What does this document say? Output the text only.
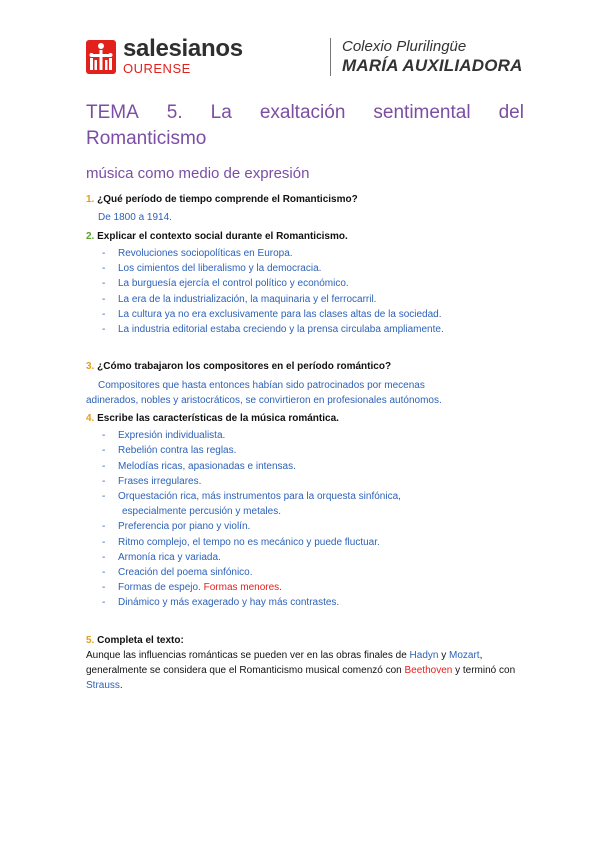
salesianos
OURENSE
Colexio Plurilingüe
MARÍA AUXILIADORA
TEMA 5. La exaltación sentimental del
Romanticismo
música como medio de expresión

1. ¿Qué período de tiempo comprende el Romanticismo?

De 1800 a 1914.

2. Explicar el contexto social durante el Romanticismo.

- Revoluciones sociopolíticas en Europa.
- Los cimientos del liberalismo y la democracia.
- La burguesía ejercía el control político y económico.
- La era de la industrialización, la maquinaria y el ferrocarril.
- La cultura ya no era exclusivamente para las clases altas de la sociedad.
- La industria editorial estaba creciendo y la prensa circulaba ampliamente.

3. ¿Cómo trabajaron los compositores en el período romántico?

Compositores que hasta entonces habían sido patrocinados por mecenas

adinerados, nobles y aristocráticos, se convirtieron en profesionales autónomos.

4. Escribe las características de la música romántica.

- Expresión individualista.
- Rebelión contra las reglas.
- Melodías ricas, apasionadas e intensas.
- Frases irregulares.
- Orquestación rica, más instrumentos para la orquesta sinfónica,
especialmente percusión y metales.
- Preferencia por piano y violín.
- Ritmo complejo, el tempo no es mecánico y puede fluctuar.
- Armonía rica y variada.
- Creación del poema sinfónico.
- Formas de espejo. Formas menores.
- Dinámico y más exagerado y hay más contrastes.

5. Completa el texto:

Aunque las influencias románticas se pueden ver en las obras finales de Hadyn y Mozart, generalmente se considera que el Romanticismo musical comenzó con Beethoven y terminó con Strauss.
